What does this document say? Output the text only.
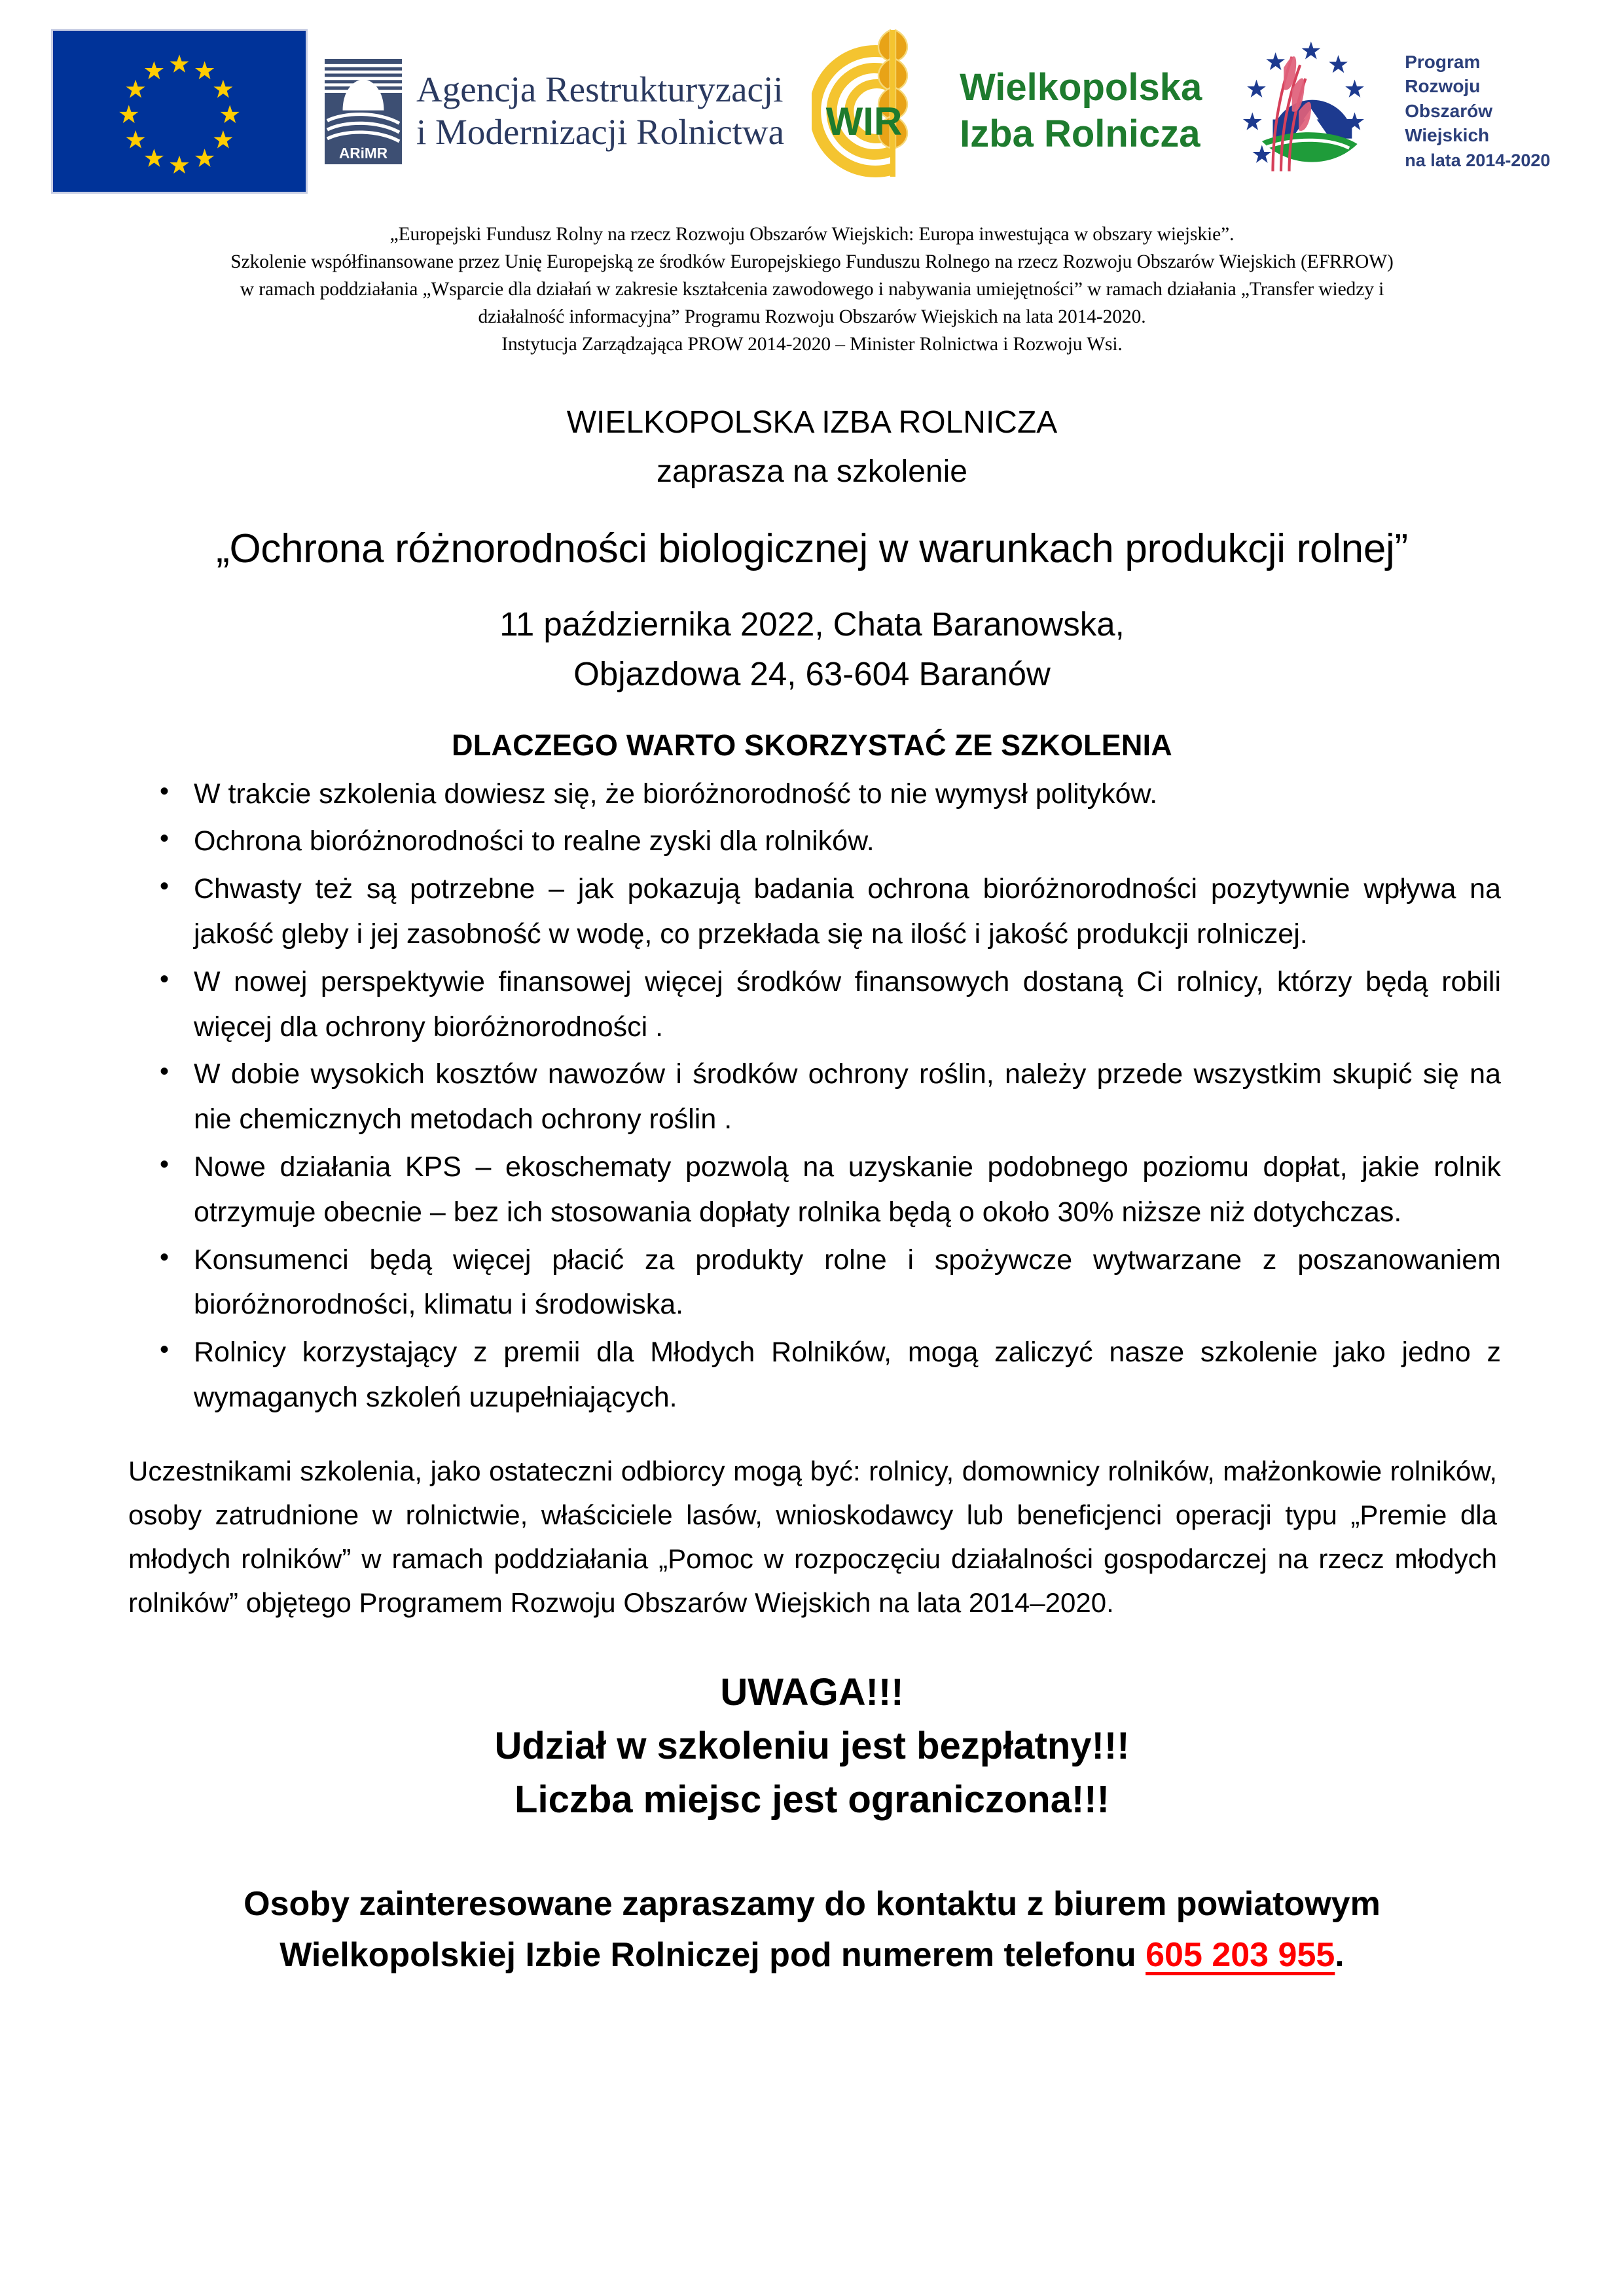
ARiMR
Agencja Restrukturyzacji
i Modernizacji Rolnictwa WIR
Wielkopolska
Izba Rolnicza
Program
Rozwoju
Obszarów
Wiejskich
na lata 2014-2020
„Europejski Fundusz Rolny na rzecz Rozwoju Obszarów Wiejskich: Europa inwestująca w obszary wiejskie”.
Szkolenie współfinansowane przez Unię Europejską ze środków Europejskiego Funduszu Rolnego na rzecz Rozwoju Obszarów Wiejskich (EFRROW)
w ramach poddziałania „Wsparcie dla działań w zakresie kształcenia zawodowego i nabywania umiejętności” w ramach działania „Transfer wiedzy i
działalność informacyjna” Programu Rozwoju Obszarów Wiejskich na lata 2014-2020.
Instytucja Zarządzająca PROW 2014-2020 – Minister Rolnictwa i Rozwoju Wsi.
WIELKOPOLSKA IZBA ROLNICZA
zaprasza na szkolenie
„Ochrona różnorodności biologicznej w warunkach produkcji rolnej”
11 października 2022, Chata Baranowska,
Objazdowa 24, 63-604 Baranów
DLACZEGO WARTO SKORZYSTAĆ ZE SZKOLENIA
• W trakcie szkolenia dowiesz się, że bioróżnorodność to nie wymysł polityków.
• Ochrona bioróżnorodności to realne zyski dla rolników.
• Chwasty też są potrzebne – jak pokazują badania ochrona bioróżnorodności pozytywnie wpływa na jakość gleby i jej zasobność w wodę, co przekłada się na ilość i jakość produkcji rolniczej.
• W nowej perspektywie finansowej więcej środków finansowych dostaną Ci rolnicy, którzy będą robili więcej dla ochrony bioróżnorodności .
• W dobie wysokich kosztów nawozów i środków ochrony roślin, należy przede wszystkim skupić się na nie chemicznych metodach ochrony roślin .
• Nowe działania KPS – ekoschematy pozwolą na uzyskanie podobnego poziomu dopłat, jakie rolnik otrzymuje obecnie – bez ich stosowania dopłaty rolnika będą o około 30% niższe niż dotychczas.
• Konsumenci będą więcej płacić za produkty rolne i spożywcze wytwarzane z poszanowaniem bioróżnorodności, klimatu i środowiska.
• Rolnicy korzystający z premii dla Młodych Rolników, mogą zaliczyć nasze szkolenie jako jedno z wymaganych szkoleń uzupełniających.
Uczestnikami szkolenia, jako ostateczni odbiorcy mogą być: rolnicy, domownicy rolników, małżonkowie rolników, osoby zatrudnione w rolnictwie, właściciele lasów, wnioskodawcy lub beneficjenci operacji typu „Premie dla młodych rolników” w ramach poddziałania „Pomoc w rozpoczęciu działalności gospodarczej na rzecz młodych rolników” objętego Programem Rozwoju Obszarów Wiejskich na lata 2014–2020.
UWAGA!!!
Udział w szkoleniu jest bezpłatny!!!
Liczba miejsc jest ograniczona!!!
Osoby zainteresowane zapraszamy do kontaktu z biurem powiatowym
Wielkopolskiej Izbie Rolniczej pod numerem telefonu 605 203 955.
